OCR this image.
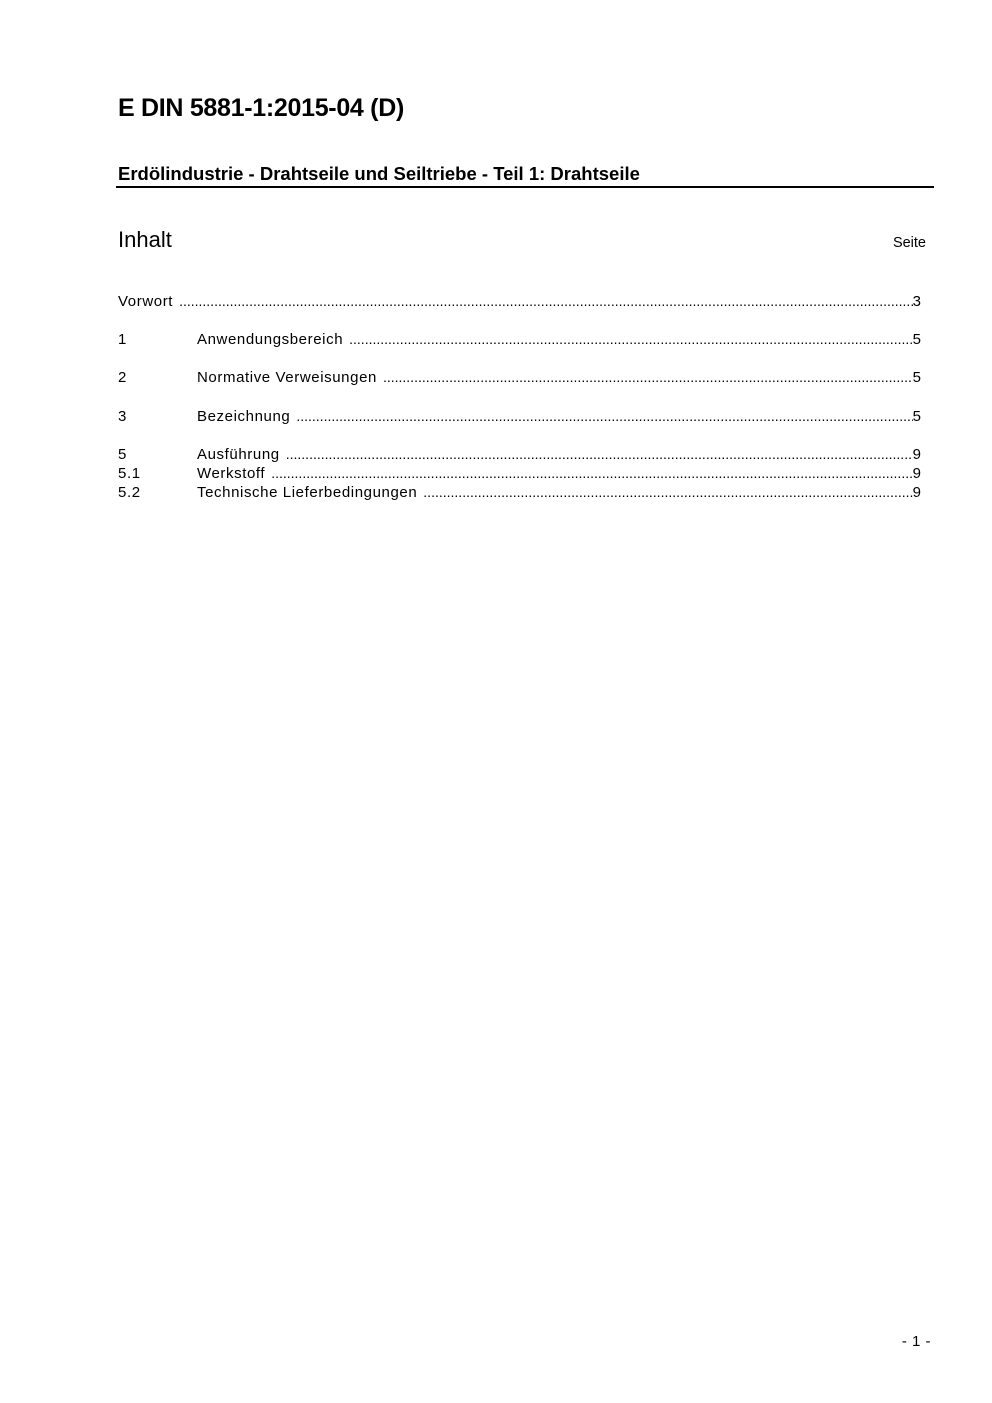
E DIN 5881-1:2015-04 (D)
Erdölindustrie - Drahtseile und Seiltriebe - Teil 1: Drahtseile
Inhalt	Seite
Vorwort .....	3
1	Anwendungsbereich .....	5
2	Normative Verweisungen .....	5
3	Bezeichnung .....	5
5	Ausführung .....	9
5.1	Werkstoff .....	9
5.2	Technische Lieferbedingungen .....	9
- 1 -
